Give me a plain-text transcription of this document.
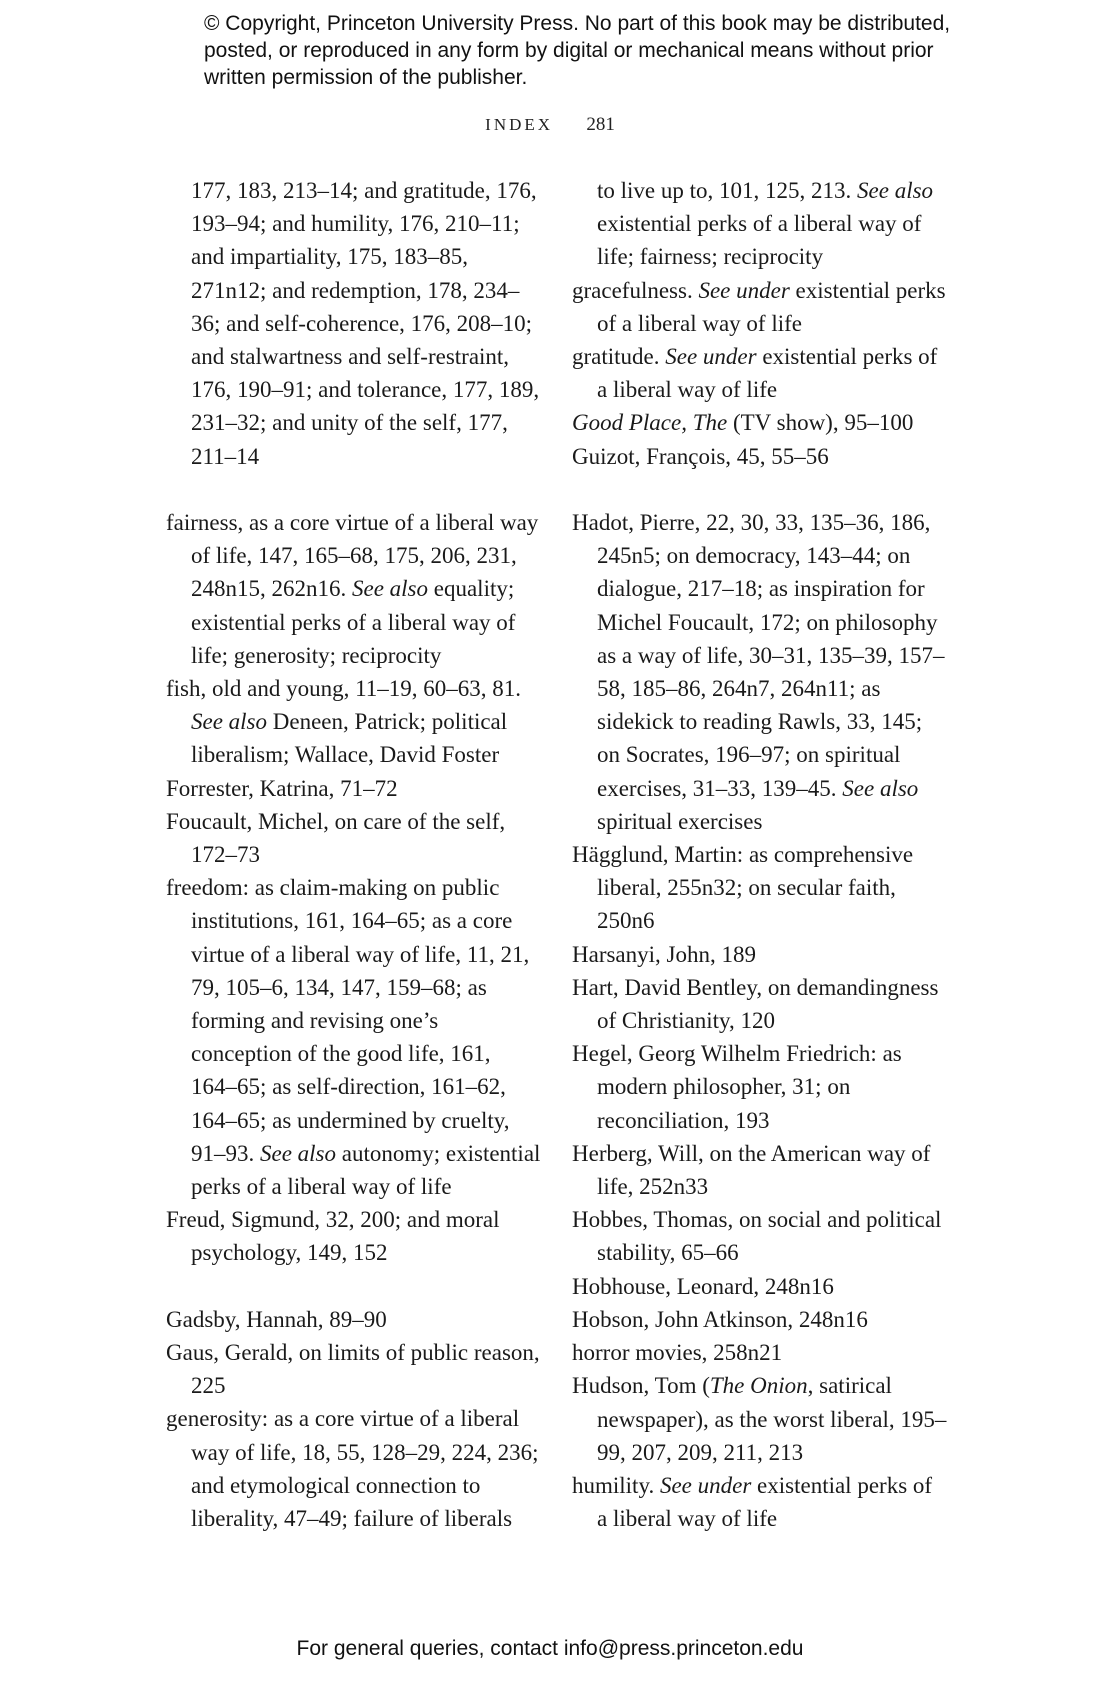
© Copyright, Princeton University Press. No part of this book may be distributed, posted, or reproduced in any form by digital or mechanical means without prior written permission of the publisher.
INDEX 281
177, 183, 213–14; and gratitude, 176, 193–94; and humility, 176, 210–11; and impartiality, 175, 183–85, 271n12; and redemption, 178, 234–36; and self-coherence, 176, 208–10; and stalwartness and self-restraint, 176, 190–91; and tolerance, 177, 189, 231–32; and unity of the self, 177, 211–14
fairness, as a core virtue of a liberal way of life, 147, 165–68, 175, 206, 231, 248n15, 262n16. See also equality; existential perks of a liberal way of life; generosity; reciprocity
fish, old and young, 11–19, 60–63, 81. See also Deneen, Patrick; political liberalism; Wallace, David Foster
Forrester, Katrina, 71–72
Foucault, Michel, on care of the self, 172–73
freedom: as claim-making on public institutions, 161, 164–65; as a core virtue of a liberal way of life, 11, 21, 79, 105–6, 134, 147, 159–68; as forming and revising one’s conception of the good life, 161, 164–65; as self-direction, 161–62, 164–65; as undermined by cruelty, 91–93. See also autonomy; existential perks of a liberal way of life
Freud, Sigmund, 32, 200; and moral psychology, 149, 152
Gadsby, Hannah, 89–90
Gaus, Gerald, on limits of public reason, 225
generosity: as a core virtue of a liberal way of life, 18, 55, 128–29, 224, 236; and etymological connection to liberality, 47–49; failure of liberals
to live up to, 101, 125, 213. See also existential perks of a liberal way of life; fairness; reciprocity
gracefulness. See under existential perks of a liberal way of life
gratitude. See under existential perks of a liberal way of life
Good Place, The (TV show), 95–100
Guizot, François, 45, 55–56
Hadot, Pierre, 22, 30, 33, 135–36, 186, 245n5; on democracy, 143–44; on dialogue, 217–18; as inspiration for Michel Foucault, 172; on philosophy as a way of life, 30–31, 135–39, 157–58, 185–86, 264n7, 264n11; as sidekick to reading Rawls, 33, 145; on Socrates, 196–97; on spiritual exercises, 31–33, 139–45. See also spiritual exercises
Hägglund, Martin: as comprehensive liberal, 255n32; on secular faith, 250n6
Harsanyi, John, 189
Hart, David Bentley, on demandingness of Christianity, 120
Hegel, Georg Wilhelm Friedrich: as modern philosopher, 31; on reconciliation, 193
Herberg, Will, on the American way of life, 252n33
Hobbes, Thomas, on social and political stability, 65–66
Hobhouse, Leonard, 248n16
Hobson, John Atkinson, 248n16
horror movies, 258n21
Hudson, Tom (The Onion, satirical newspaper), as the worst liberal, 195–99, 207, 209, 211, 213
humility. See under existential perks of a liberal way of life
For general queries, contact info@press.princeton.edu
